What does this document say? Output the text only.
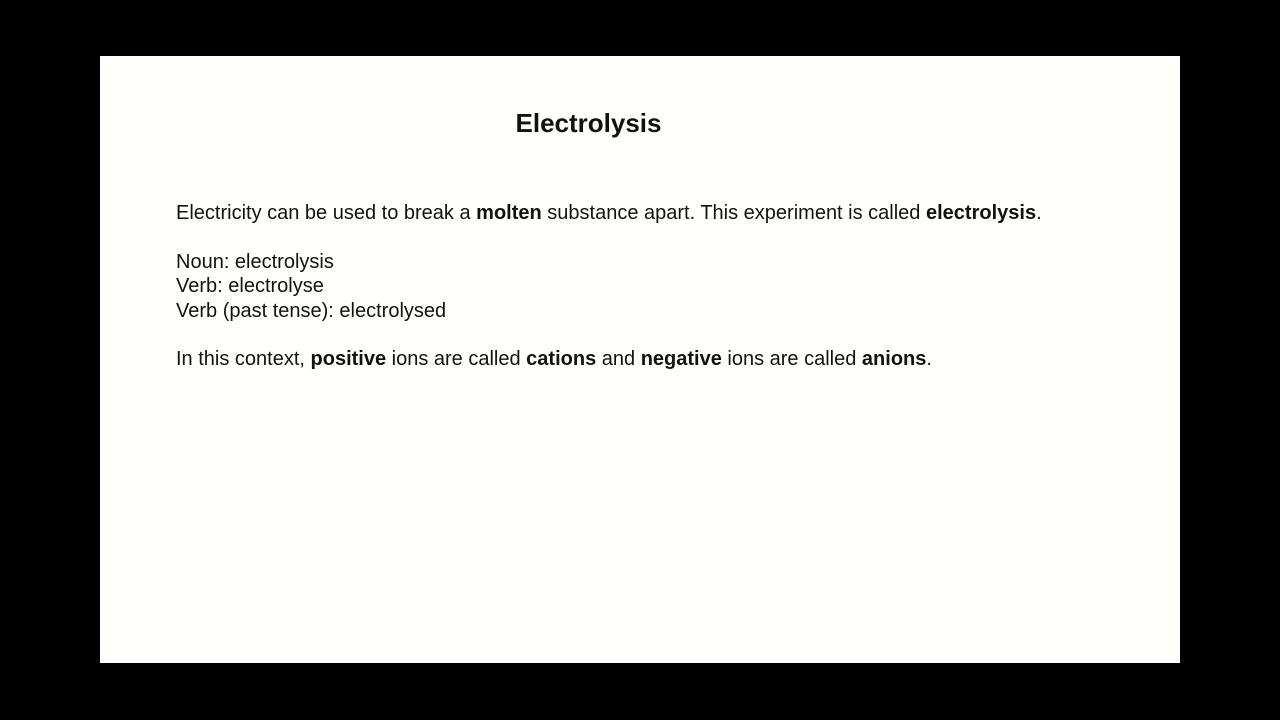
Electrolysis

Electricity can be used to break a molten substance apart. This experiment is called electrolysis.

Noun: electrolysis
Verb: electrolyse
Verb (past tense): electrolysed

In this context, positive ions are called cations and negative ions are called anions.
